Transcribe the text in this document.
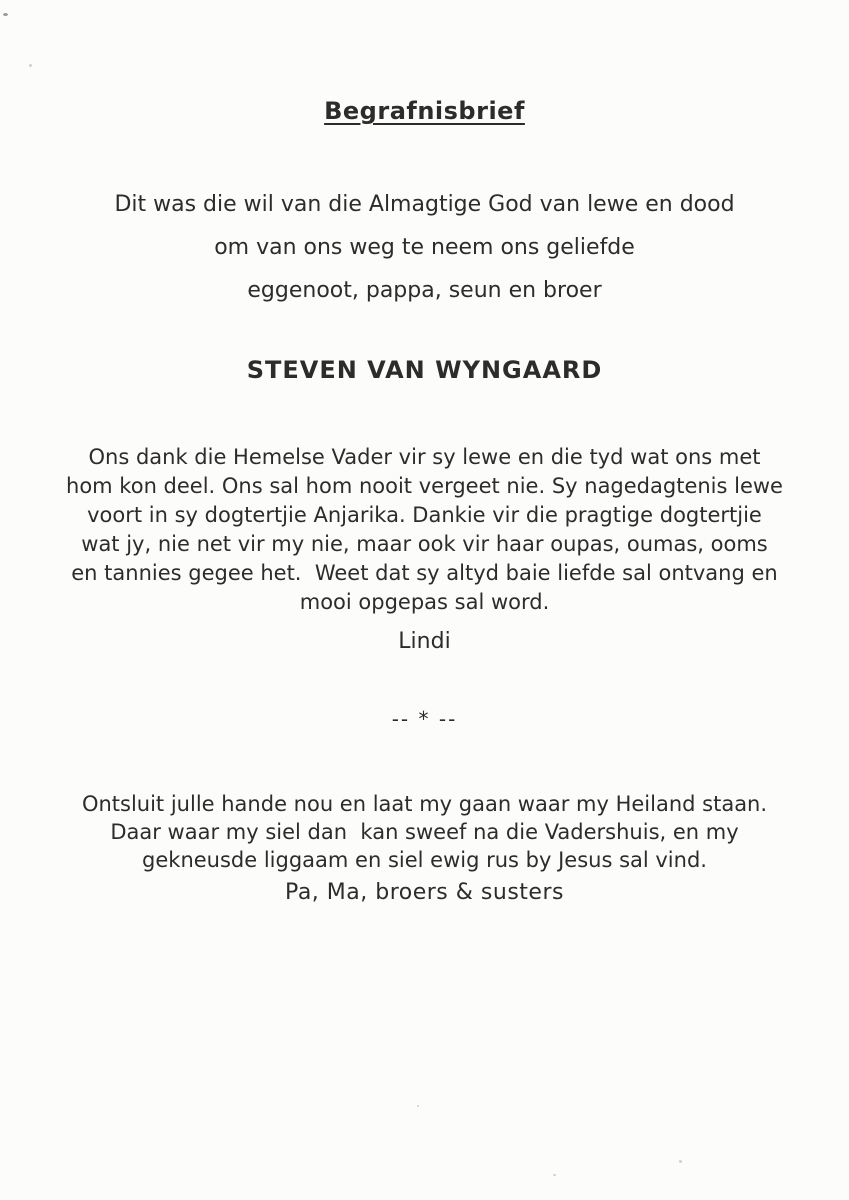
Begrafnisbrief
Dit was die wil van die Almagtige God van lewe en dood
om van ons weg te neem ons geliefde
eggenoot, pappa, seun en broer
STEVEN VAN WYNGAARD
Ons dank die Hemelse Vader vir sy lewe en die tyd wat ons met
hom kon deel. Ons sal hom nooit vergeet nie. Sy nagedagtenis lewe
voort in sy dogtertjie Anjarika. Dankie vir die pragtige dogtertjie
wat jy, nie net vir my nie, maar ook vir haar oupas, oumas, ooms
en tannies gegee het.  Weet dat sy altyd baie liefde sal ontvang en
mooi opgepas sal word.
Lindi
-- * --
Ontsluit julle hande nou en laat my gaan waar my Heiland staan.
Daar waar my siel dan  kan sweef na die Vadershuis, en my
gekneusde liggaam en siel ewig rus by Jesus sal vind.
Pa, Ma, broers & susters
